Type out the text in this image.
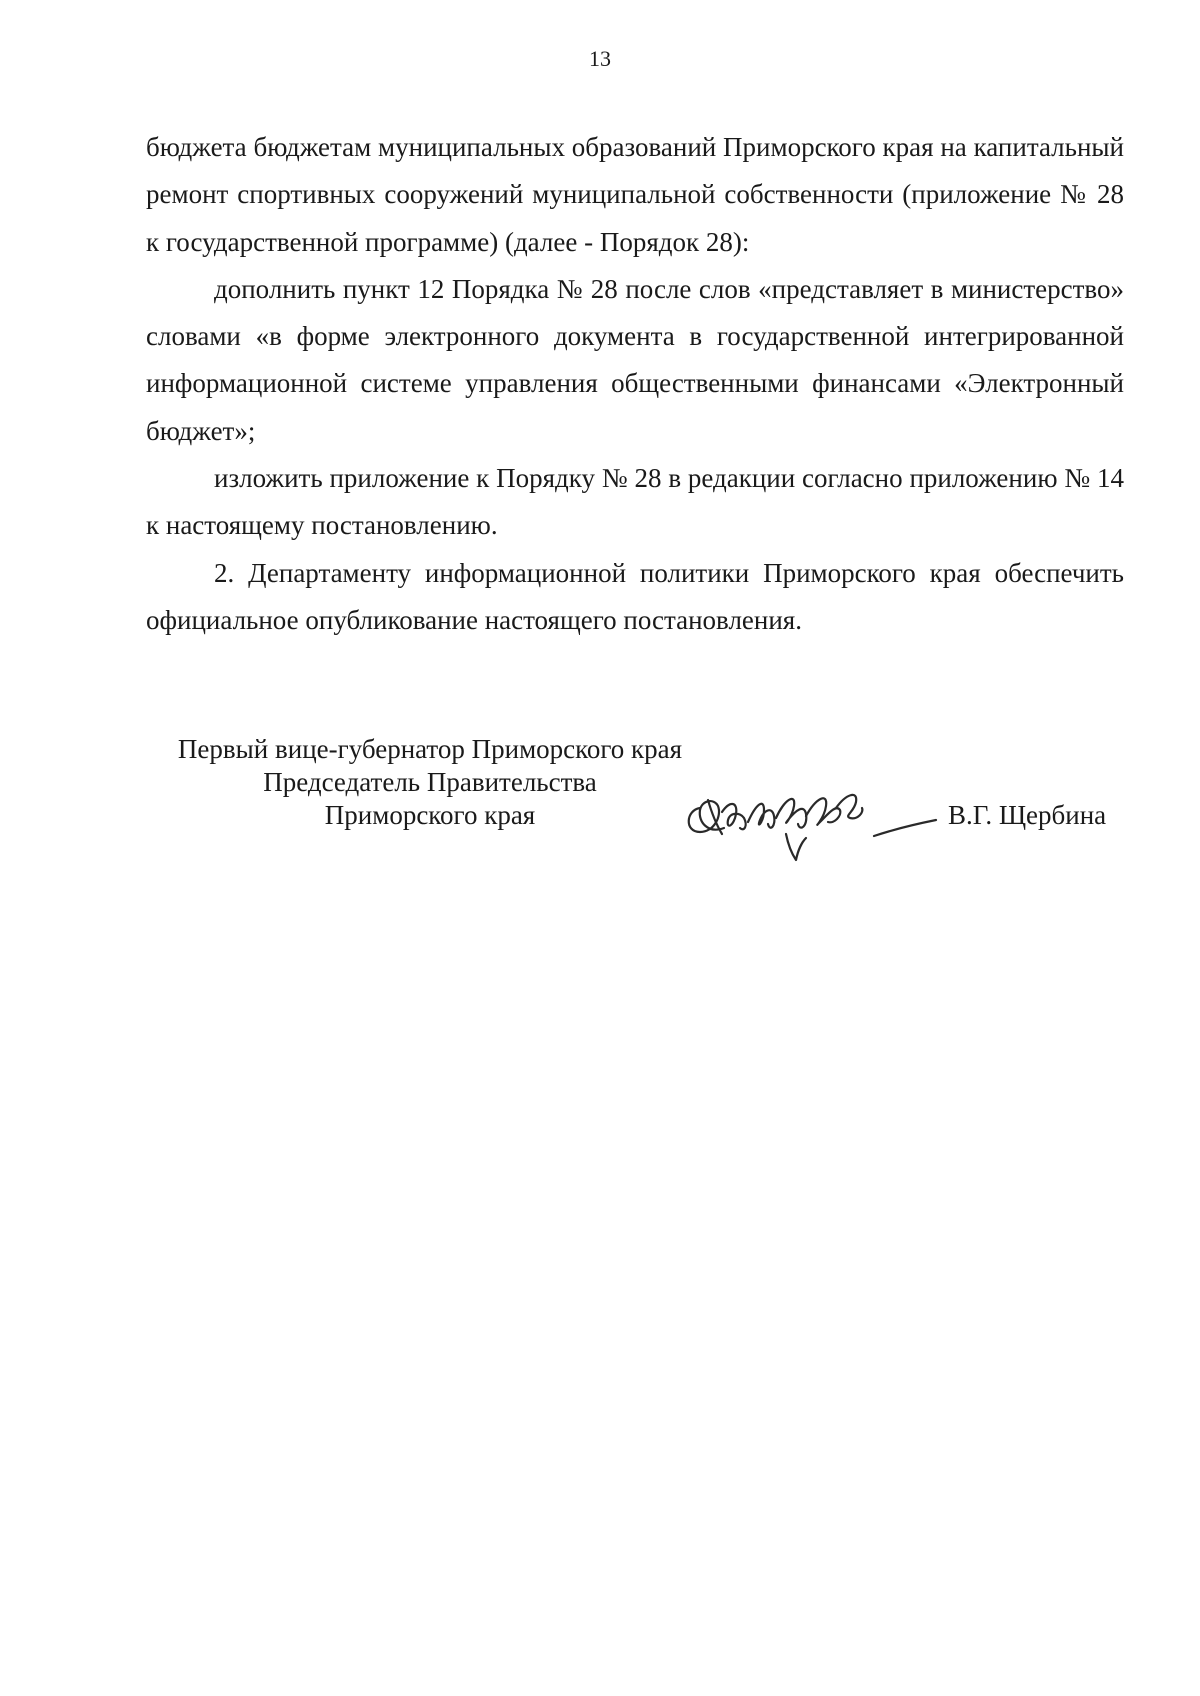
13

бюджета бюджетам муниципальных образований Приморского края на капитальный ремонт спортивных сооружений муниципальной собственности (приложение № 28 к государственной программе) (далее - Порядок 28):

дополнить пункт 12 Порядка № 28 после слов «представляет в министерство» словами «в форме электронного документа в государственной интегрированной информационной системе управления общественными финансами «Электронный бюджет»;

изложить приложение к Порядку № 28 в редакции согласно приложению № 14 к настоящему постановлению.

2. Департаменту информационной политики Приморского края обеспечить официальное опубликование настоящего постановления.

Первый вице-губернатор Приморского края
Председатель Правительства
Приморского края	В.Г. Щербина
